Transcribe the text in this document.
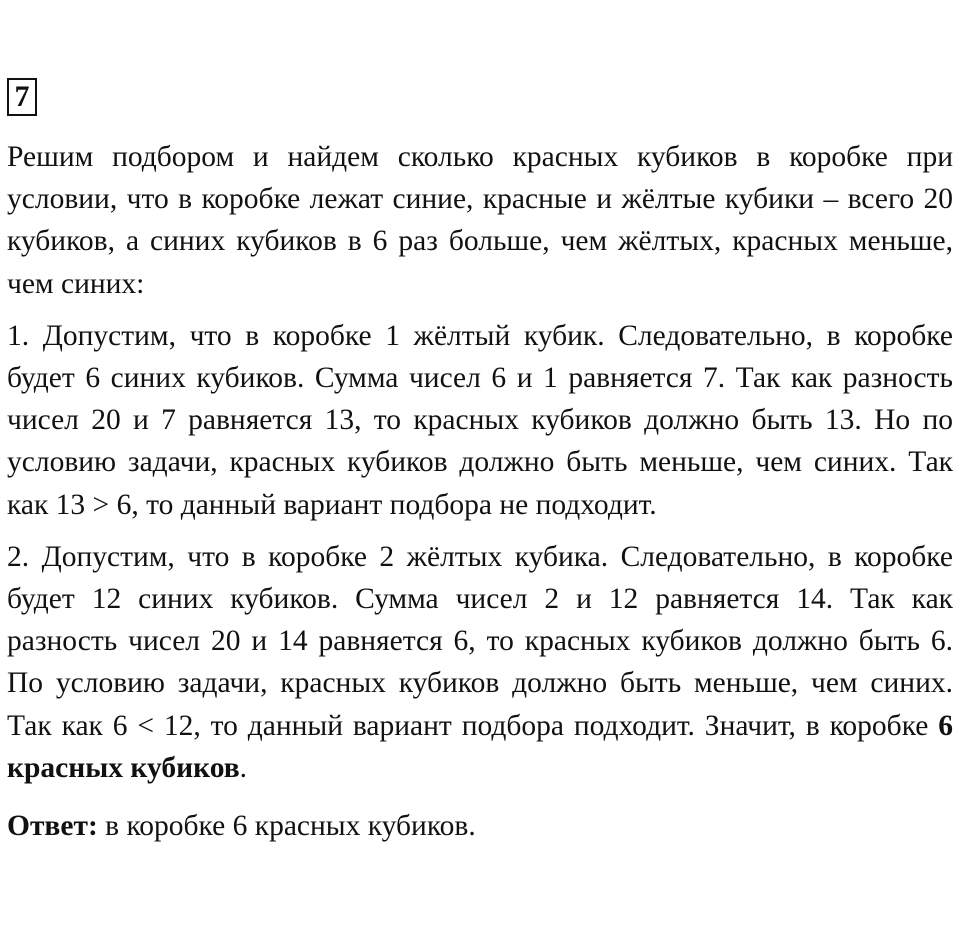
7

Решим подбором и найдем сколько красных кубиков в коробке при условии, что в коробке лежат синие, красные и жёлтые кубики – всего 20 кубиков, а синих кубиков в 6 раз больше, чем жёлтых, красных меньше, чем синих:

1. Допустим, что в коробке 1 жёлтый кубик. Следовательно, в коробке будет 6 синих кубиков. Сумма чисел 6 и 1 равняется 7. Так как разность чисел 20 и 7 равняется 13, то красных кубиков должно быть 13. Но по условию задачи, красных кубиков должно быть меньше, чем синих. Так как 13 > 6, то данный вариант подбора не подходит.

2. Допустим, что в коробке 2 жёлтых кубика. Следовательно, в коробке будет 12 синих кубиков. Сумма чисел 2 и 12 равняется 14. Так как разность чисел 20 и 14 равняется 6, то красных кубиков должно быть 6. По условию задачи, красных кубиков должно быть меньше, чем синих. Так как 6 < 12, то данный вариант подбора подходит. Значит, в коробке 6 красных кубиков.

Ответ: в коробке 6 красных кубиков.
